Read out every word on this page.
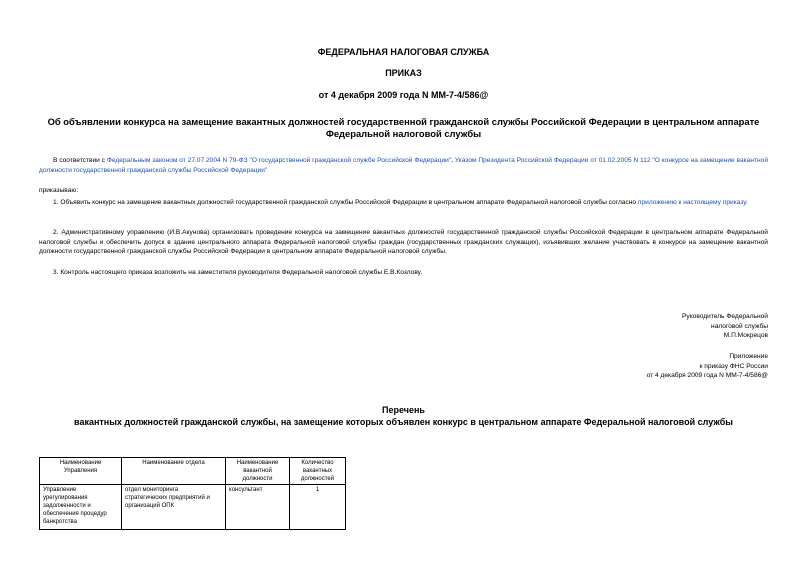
ФЕДЕРАЛЬНАЯ НАЛОГОВАЯ СЛУЖБА
ПРИКАЗ
от 4 декабря 2009 года N ММ-7-4/586@
Об объявлении конкурса на замещение вакантных должностей государственной гражданской службы Российской Федерации в центральном аппарате Федеральной налоговой службы
В соответствии с Федеральным законом от 27.07.2004 N 79-ФЗ "О государственной гражданской службе Российской Федерации", Указом Президента Российской Федерации от 01.02.2005 N 112 "О конкурсе на замещение вакантной должности государственной гражданской службы Российской Федерации"
приказываю:
1. Объявить конкурс на замещение вакантных должностей государственной гражданской службы Российской Федерации в центральном аппарате Федеральной налоговой службы согласно приложению к настоящему приказу.
2. Административному управлению (И.В.Акунова) организовать проведение конкурса на замещение вакантных должностей государственной гражданской службы Российской Федерации в центральном аппарате Федеральной налоговой службы и обеспечить допуск в здание центрального аппарата Федеральной налоговой службы граждан (государственных гражданских служащих), изъявивших желание участвовать в конкурсе на замещение вакантной должности государственной гражданской службы Российской Федерации в центральном аппарате Федеральной налоговой службы.
3. Контроль настоящего приказа возложить на заместителя руководителя Федеральной налоговой службы Е.В.Козлову.
Руководитель Федеральной
налоговой службы
М.П.Мокрецов
Приложение
к приказу ФНС России
от 4 декабря 2009 года N ММ-7-4/586@
Перечень
вакантных должностей гражданской службы, на замещение которых объявлен конкурс в центральном аппарате Федеральной налоговой службы
Наименование Управления	Наименование отдела	Наименование вакантной должности	Количество вакантных должностей
Управление урегулирования задолженности и обеспечения процедур банкротства	отдел мониторинга стратегических предприятий и организаций ОПК	консультант	1
